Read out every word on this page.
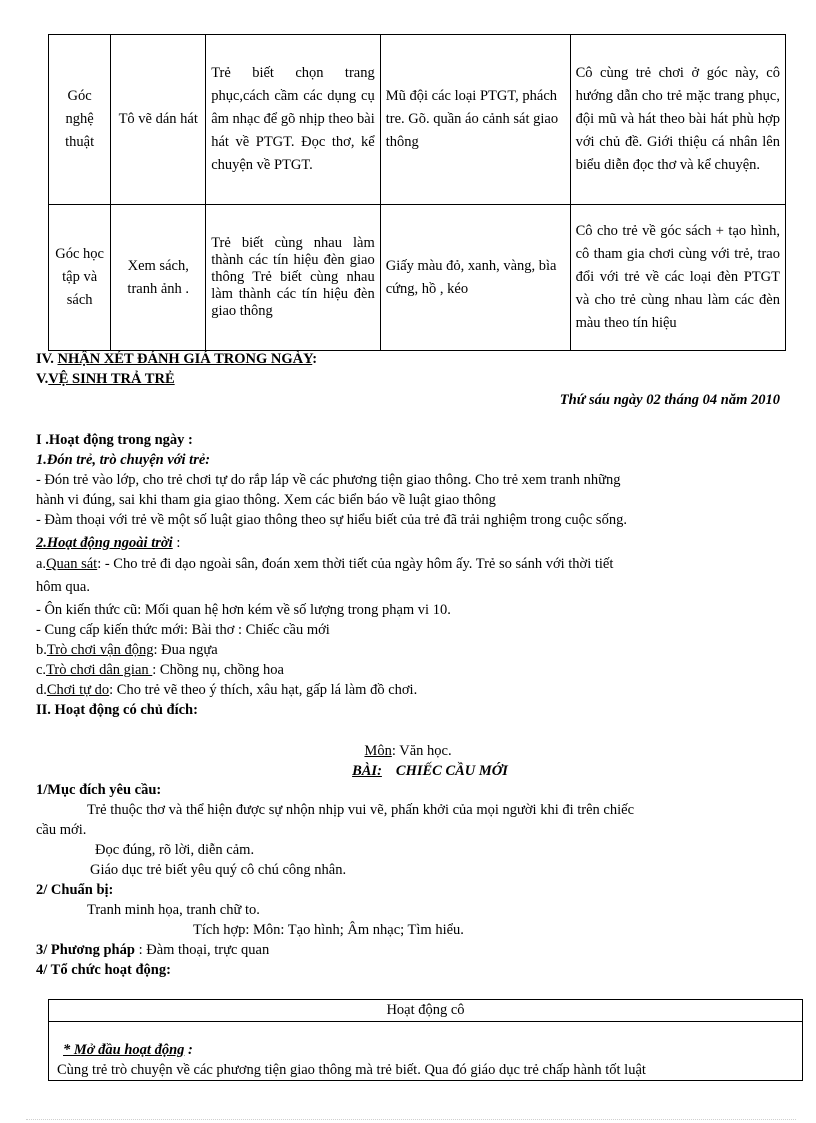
Góc nghệ thuật	Tô vẽ dán hát	Trẻ biết chọn trang phục,cách cầm các dụng cụ âm nhạc để gõ nhịp theo bài hát về PTGT. Đọc thơ, kể chuyện về PTGT.	Mũ đội các loại PTGT, phách tre. Gõ. quần áo cảnh sát giao thông	Cô cùng trẻ chơi ở góc này, cô hướng dẫn cho trẻ mặc trang phục, đội mũ và hát theo bài hát phù hợp với chủ đề. Giới thiệu cá nhân lên biểu diễn đọc thơ và kể chuyện.
Góc học tập và sách	Xem sách, tranh ảnh .	Trẻ biết cùng nhau làm thành các tín hiệu đèn giao thông Trẻ biết cùng nhau làm thành các tín hiệu đèn giao thông	Giấy màu đỏ, xanh, vàng, bìa cứng, hồ , kéo	Cô cho trẻ về góc sách + tạo hình, cô tham gia chơi cùng với trẻ, trao đổi với trẻ về các loại đèn PTGT và cho trẻ cùng nhau làm các đèn màu theo tín hiệu
IV. NHẬN XÉT ĐÁNH GIÁ TRONG NGÀY:
V.VỆ SINH TRẢ TRẺ
Thứ sáu ngày 02 tháng 04 năm 2010
I .Hoạt động trong ngày :
1.Đón trẻ, trò chuyện với trẻ:
- Đón trẻ vào lớp, cho trẻ chơi tự do rắp láp về các phương tiện giao thông. Cho trẻ xem tranh những
hành vi đúng, sai khi tham gia giao thông. Xem các biển báo về luật giao thông
- Đàm thoại với trẻ về một số luật giao thông theo sự hiểu biết của trẻ đã trải nghiệm trong cuộc sống.
2.Hoạt động ngoài trời :
a.Quan sát: - Cho trẻ đi dạo ngoài sân, đoán xem thời tiết của ngày hôm ấy. Trẻ so sánh với thời tiết
hôm qua.
- Ôn kiến thức cũ: Mối quan hệ hơn kém về số lượng trong phạm vi 10.
- Cung cấp kiến thức mới: Bài thơ : Chiếc cầu mới
b.Trò chơi vận động: Đua ngựa
c.Trò chơi dân gian : Chồng nụ, chồng hoa
d.Chơi tự do: Cho trẻ vẽ theo ý thích, xâu hạt, gấp lá làm đồ chơi.
II. Hoạt động có chủ đích:
Môn: Văn học.
BÀI: CHIẾC CẦU MỚI
1/Mục đích yêu cầu:
Trẻ thuộc thơ và thể hiện được sự nhộn nhịp vui vẽ, phấn khởi của mọi người khi đi trên chiếc
cầu mới.
Đọc đúng, rõ lời, diễn cảm.
Giáo dục trẻ biết yêu quý cô chú công nhân.
2/ Chuẩn bị:
Tranh minh họa, tranh chữ to.
Tích hợp: Môn: Tạo hình; Âm nhạc; Tìm hiểu.
3/ Phương pháp : Đàm thoại, trực quan
4/ Tổ chức hoạt động:
Hoạt động cô

* Mở đầu hoạt động :
Cùng trẻ trò chuyện về các phương tiện giao thông mà trẻ biết. Qua đó giáo dục trẻ chấp hành tốt luật
